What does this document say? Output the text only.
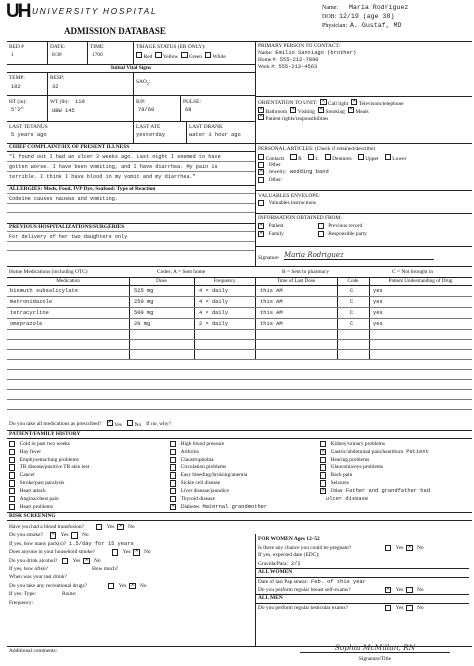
UH UNIVERSITY HOSPITAL
ADMISSION DATABASE
Name:	Maria Rodriguez
DOB: 12/19 (age 38)
Physician: A. Gustaf, MD
BED #
1
DATE:
8/30
TIME:
1700
TRIAGE STATUS (ER ONLY):
Red	Yellow	Green	White
Initial Vital Signs
TEMP:
102
RESP:
32
$SAO_2$:
HT (in):
5'2"
WT (lb): 110
UBW 145
B/P:
78/60
PULSE:
68
LAST TETANUS
5 years ago
LAST ATE
yesterday
LAST DRANK
water 1 hour ago
CHIEF COMPLAINT/HX OF PRESENT ILLNESS
"I found out I had an ulcer 2 weeks ago. Last night I seemed to have
gotten worse. I have been vomiting, and I have diarrhea. My pain is
terrible. I think I have blood in my vomit and my diarrhea."
ALLERGIES: Meds, Food, IVP Dye, Seafood: Type of Reaction
Codeine causes nausea and vomiting.
PREVIOUS HOSPITALIZATIONS/SURGERIES
For delivery of her two daughters only
PRIMARY PERSON TO CONTACT:
Name: Emilio Santiago (brother)
Home #: 555-212-7890
Work #: 555-213-4563
ORIENTATION TO UNIT: ✕	Call light ✕	Television/telephone
✕Bathroom ✕	Visiting ✕	Smoking ✕	Meals
✕Patient rights/responsibilities
PERSONAL ARTICLES: (Check if retained/describe)
Contacts	R	L	Dentures	Upper	Lower
Other
✕
Jewelry: wedding band
Other:
VALUABLES ENVELOPE:
Valuables instructions
INFORMATION OBTAINED FROM:
✕
Patient	Previous record
✕
Family	Responsible party
Signature Maria Rodriguez
Home Medications (including OTC)	Codes: A = Sent home	B = Sent to pharmacy	C = Not brought in
Medication	Dose	Frequency	Time of Last Dose	Code	Patient Understanding of Drug
bismuth subsalicylate	525 mg	4 × daily	this AM	C	yes
metronidazole	250 mg	4 × daily	this AM	C	yes
tetracycline	500 mg	4 × daily	this AM	C	yes
omeprazole	20 mg	2 × daily	this AM	C	yes
Do you take all medications as prescribed? ✕	Yes	No If no, why?
PATIENT/FAMILY HISTORY
Cold in past two weeks
Hay fever
Emphysema/lung problems
TB disease/positive TB skin test
Cancer
Stroke/past paralysis
Heart attack
Angina/chest pain
Heart problems
High blood pressure
Arthritis
Claustrophobia
Circulation problems
Easy bleeding/bruising/anemia
Sickle cell disease
Liver disease/jaundice
Thyroid disease
✕
Diabetes Maternal grandmother
Kidney/urinary problems
✕
Gastric/abdominal pain/heartburn Patient
Hearing problems
Glaucoma/eye problems
Back pain
Seizures
✕
Other Father and grandfather had
ulcer disease
RISK SCREENING
Have you had a blood transfusion?	Yes ✕	No
Do you smoke? ✕	Yes	No
If yes, how many pack(s)? 1.5/day for 15 years
Does anyone in your household smoke?	Yes ✕	No
Do you drink alcohol?	Yes ✕	No
If yes, how often?	How much?
When was your last drink?
Do you take any recreational drugs?	Yes ✕	No
If yes: Type:	Route:
Frequency:
FOR WOMEN Ages 12–52
Is there any chance you could be pregnant?	Yes ✕	No
If yes, expected date (EDC):
Gravida/Para: 2/2
ALL WOMEN
Date of last Pap smear: Feb. of this year
Do you perform regular breast self-exams? ✕	Yes	No
ALL MEN
Do you perform regular testicular exams?	Yes	No
Additional comments:	Sophia McMillan, RN
Signature/Title
